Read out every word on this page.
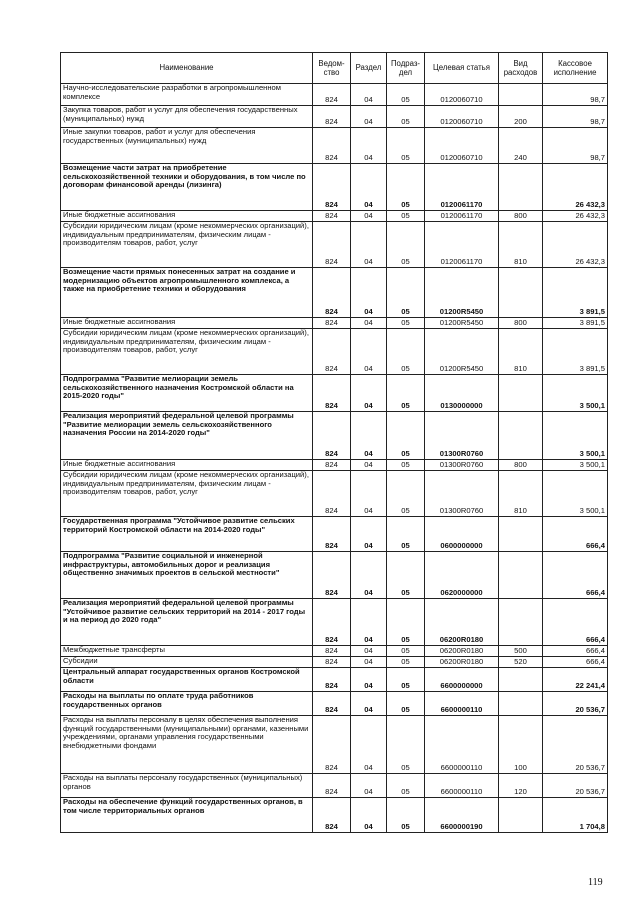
Наименование	Ведом-ство	Раздел	Подраз-дел	Целевая статья	Вид расходов	Кассовое исполнение
Научно-исследовательские разработки в агропромышленном комплексе	824	04	05	0120060710		98,7
Закупка товаров, работ и услуг для обеспечения государственных (муниципальных) нужд	824	04	05	0120060710	200	98,7
Иные закупки товаров, работ и услуг для обеспечения государственных (муниципальных) нужд	824	04	05	0120060710	240	98,7
Возмещение части затрат на приобретение сельскохозяйственной техники и оборудования, в том числе по договорам финансовой аренды (лизинга)	824	04	05	0120061170		26 432,3
Иные бюджетные ассигнования	824	04	05	0120061170	800	26 432,3
Субсидии юридическим лицам (кроме некоммерческих организаций), индивидуальным предпринимателям, физическим лицам - производителям товаров, работ, услуг	824	04	05	0120061170	810	26 432,3
Возмещение части прямых понесенных затрат на создание и модернизацию объектов агропромышленного комплекса, а также на приобретение техники и оборудования	824	04	05	01200R5450		3 891,5
Иные бюджетные ассигнования	824	04	05	01200R5450	800	3 891,5
Субсидии юридическим лицам (кроме некоммерческих организаций), индивидуальным предпринимателям, физическим лицам - производителям товаров, работ, услуг	824	04	05	01200R5450	810	3 891,5
Подпрограмма "Развитие мелиорации земель сельскохозяйственного назначения Костромской области на 2015-2020 годы"	824	04	05	0130000000		3 500,1
Реализация мероприятий федеральной целевой программы "Развитие мелиорации земель сельскохозяйственного назначения России на 2014-2020 годы"	824	04	05	01300R0760		3 500,1
Иные бюджетные ассигнования	824	04	05	01300R0760	800	3 500,1
Субсидии юридическим лицам (кроме некоммерческих организаций), индивидуальным предпринимателям, физическим лицам - производителям товаров, работ, услуг	824	04	05	01300R0760	810	3 500,1
Государственная программа "Устойчивое развитие сельских территорий Костромской области на 2014-2020 годы"	824	04	05	0600000000		666,4
Подпрограмма "Развитие социальной и инженерной инфраструктуры, автомобильных дорог и реализация общественно значимых проектов в сельской местности"	824	04	05	0620000000		666,4
Реализация мероприятий федеральной целевой программы "Устойчивое развитие сельских территорий на 2014 - 2017 годы и на период до 2020 года"	824	04	05	06200R0180		666,4
Межбюджетные трансферты	824	04	05	06200R0180	500	666,4
Субсидии	824	04	05	06200R0180	520	666,4
Центральный аппарат государственных органов Костромской области	824	04	05	6600000000		22 241,4
Расходы на выплаты по оплате труда работников государственных органов	824	04	05	6600000110		20 536,7
Расходы на выплаты персоналу в целях обеспечения выполнения функций государственными (муниципальными) органами, казенными учреждениями, органами управления государственными внебюджетными фондами	824	04	05	6600000110	100	20 536,7
Расходы на выплаты персоналу государственных (муниципальных) органов	824	04	05	6600000110	120	20 536,7
Расходы на обеспечение функций государственных органов, в том числе территориальных органов	824	04	05	6600000190		1 704,8
119
